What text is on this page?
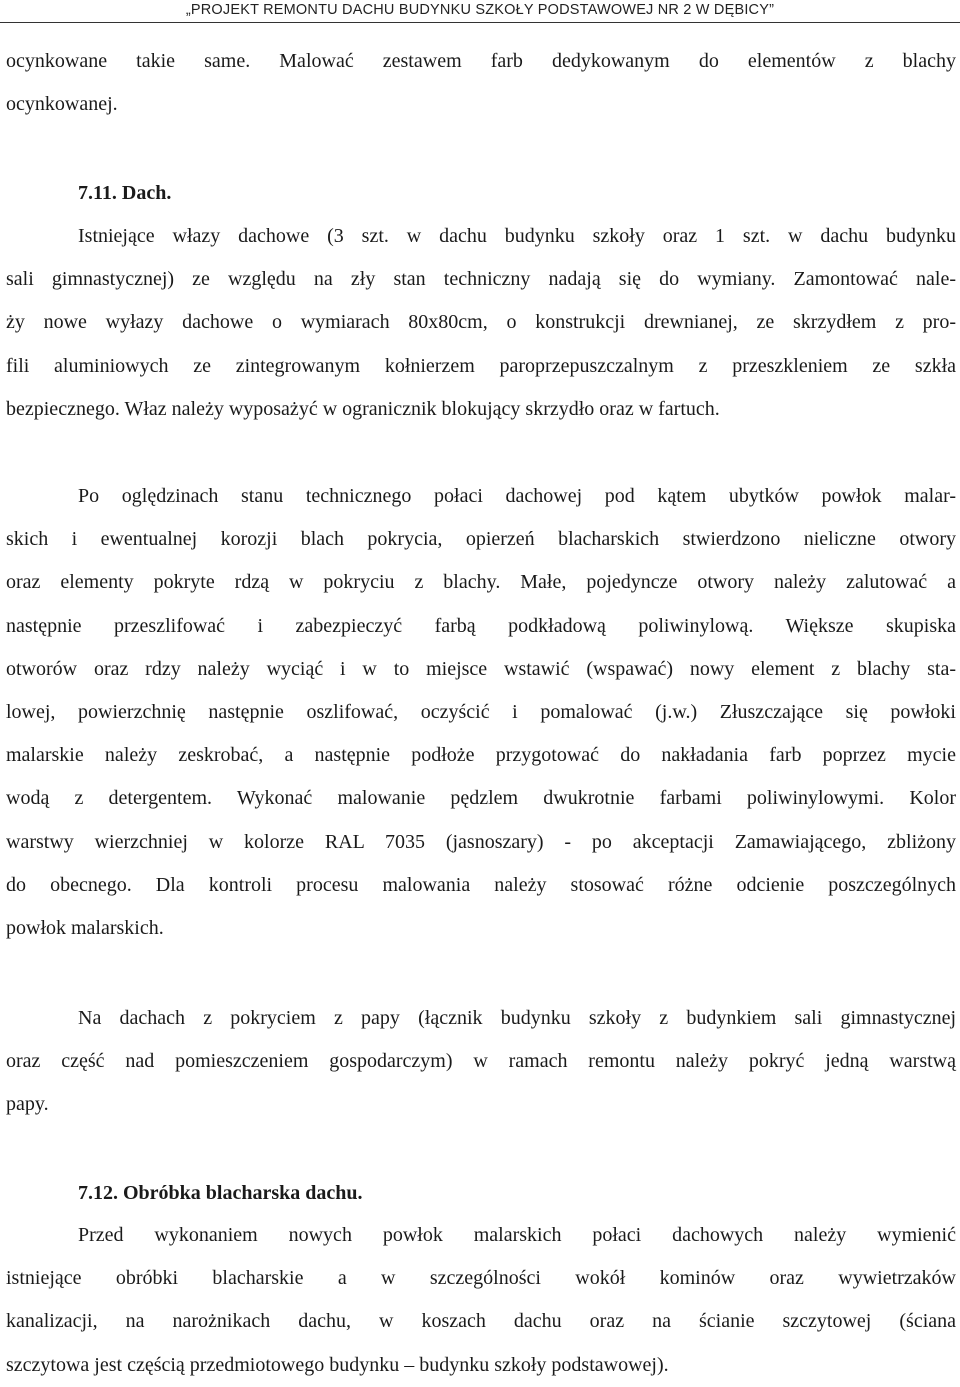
„PROJEKT REMONTU DACHU BUDYNKU SZKOŁY PODSTAWOWEJ NR 2 W DĘBICY”
ocynkowane takie same. Malować zestawem farb dedykowanym do elementów z blachy
ocynkowanej.
7.11. Dach.
Istniejące włazy dachowe (3 szt. w dachu budynku szkoły oraz 1 szt. w dachu budynku
sali gimnastycznej) ze względu na zły stan techniczny nadają się do wymiany. Zamontować nale-
ży nowe wyłazy dachowe o wymiarach 80x80cm, o konstrukcji drewnianej, ze skrzydłem z pro-
fili aluminiowych ze zintegrowanym kołnierzem paroprzepuszczalnym z przeszkleniem ze szkła
bezpiecznego. Właz należy wyposażyć w ogranicznik blokujący skrzydło oraz w fartuch.
Po oględzinach stanu technicznego połaci dachowej pod kątem ubytków powłok malar-
skich i ewentualnej korozji blach pokrycia, opierzeń blacharskich stwierdzono nieliczne otwory
oraz elementy pokryte rdzą w pokryciu z blachy. Małe, pojedyncze otwory należy zalutować a
następnie przeszlifować i zabezpieczyć farbą podkładową poliwinylową. Większe skupiska
otworów oraz rdzy należy wyciąć i w to miejsce wstawić (wspawać) nowy element z blachy sta-
lowej, powierzchnię następnie oszlifować, oczyścić i pomalować (j.w.) Złuszczające się powłoki
malarskie należy zeskrobać, a następnie podłoże przygotować do nakładania farb poprzez mycie
wodą z detergentem. Wykonać malowanie pędzlem dwukrotnie farbami poliwinylowymi. Kolor
warstwy wierzchniej w kolorze RAL 7035 (jasnoszary) - po akceptacji Zamawiającego, zbliżony
do obecnego. Dla kontroli procesu malowania należy stosować różne odcienie poszczególnych
powłok malarskich.
Na dachach z pokryciem z papy (łącznik budynku szkoły z budynkiem sali gimnastycznej
oraz część nad pomieszczeniem gospodarczym) w ramach remontu należy pokryć jedną warstwą
papy.
7.12. Obróbka blacharska dachu.
Przed wykonaniem nowych powłok malarskich połaci dachowych należy wymienić
istniejące obróbki blacharskie a w szczególności wokół kominów oraz wywietrzaków
kanalizacji, na narożnikach dachu, w koszach dachu oraz na ścianie szczytowej (ściana
szczytowa jest częścią przedmiotowego budynku – budynku szkoły podstawowej).
